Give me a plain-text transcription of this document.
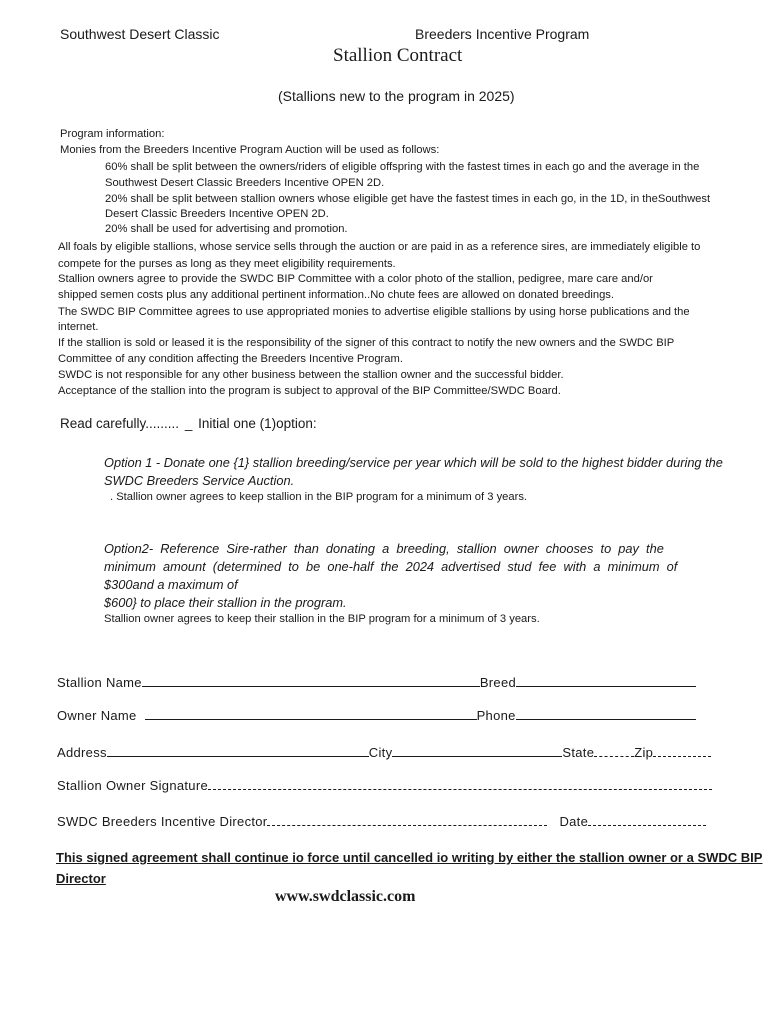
Southwest Desert Classic	Breeders Incentive Program
Stallion Contract
(Stallions new to the program in 2025)
Program information:
Monies from the Breeders Incentive Program Auction will be used as follows:
60% shall be split between the owners/riders of eligible offspring with the fastest times in each go and the average in the
Southwest Desert Classic Breeders Incentive OPEN 2D.
20% shall be split between stallion owners whose eligible get have the fastest times in each go, in the 1D, in theSouthwest
Desert Classic Breeders Incentive OPEN 2D.
20% shall be used for advertising and promotion.
All foals by eligible stallions, whose service sells through the auction or are paid in as a reference sires, are immediately eligible to
compete for the purses as long as they meet eligibility requirements.
Stallion owners agree to provide the SWDC BIP Committee with a color photo of the stallion, pedigree, mare care and/or
shipped semen costs plus any additional pertinent information..No chute fees are allowed on donated breedings.
The SWDC BIP Committee agrees to use appropriated monies to advertise eligible stallions by using horse publications and the
internet.
If the stallion is sold or leased it is the responsibility of the signer of this contract to notify the new owners and the SWDC BIP
Committee of any condition affecting the Breeders Incentive Program.
SWDC is not responsible for any other business between the stallion owner and the successful bidder.
Acceptance of the stallion into the program is subject to approval of the BIP Committee/SWDC Board.
Read carefully......... _ Initial one (1)option:
Option 1 - Donate one {1} stallion breeding/service per year which will be sold to the highest bidder during the
SWDC Breeders Service Auction.
. Stallion owner agrees to keep stallion in the BIP program for a minimum of 3 years.
Option2-  Reference  Sire-rather  than  donating  a  breeding,  stallion  owner  chooses  to  pay  the
minimum  amount  (determined  to  be  one-half  the  2024  advertised  stud  fee  with  a  minimum  of
$300and a maximum of
$600} to place their stallion in the program.
Stallion owner agrees to keep their stallion in the BIP program for a minimum of 3 years.
Stallion Name	Breed
Owner Name	Phone
Address	City	State	Zip
Stallion Owner Signature
SWDC Breeders Incentive Director	Date
This signed agreement shall continue io force until cancelled io writing by either the stallion owner or a SWDC BIP
Director
www.swdclassic.com
